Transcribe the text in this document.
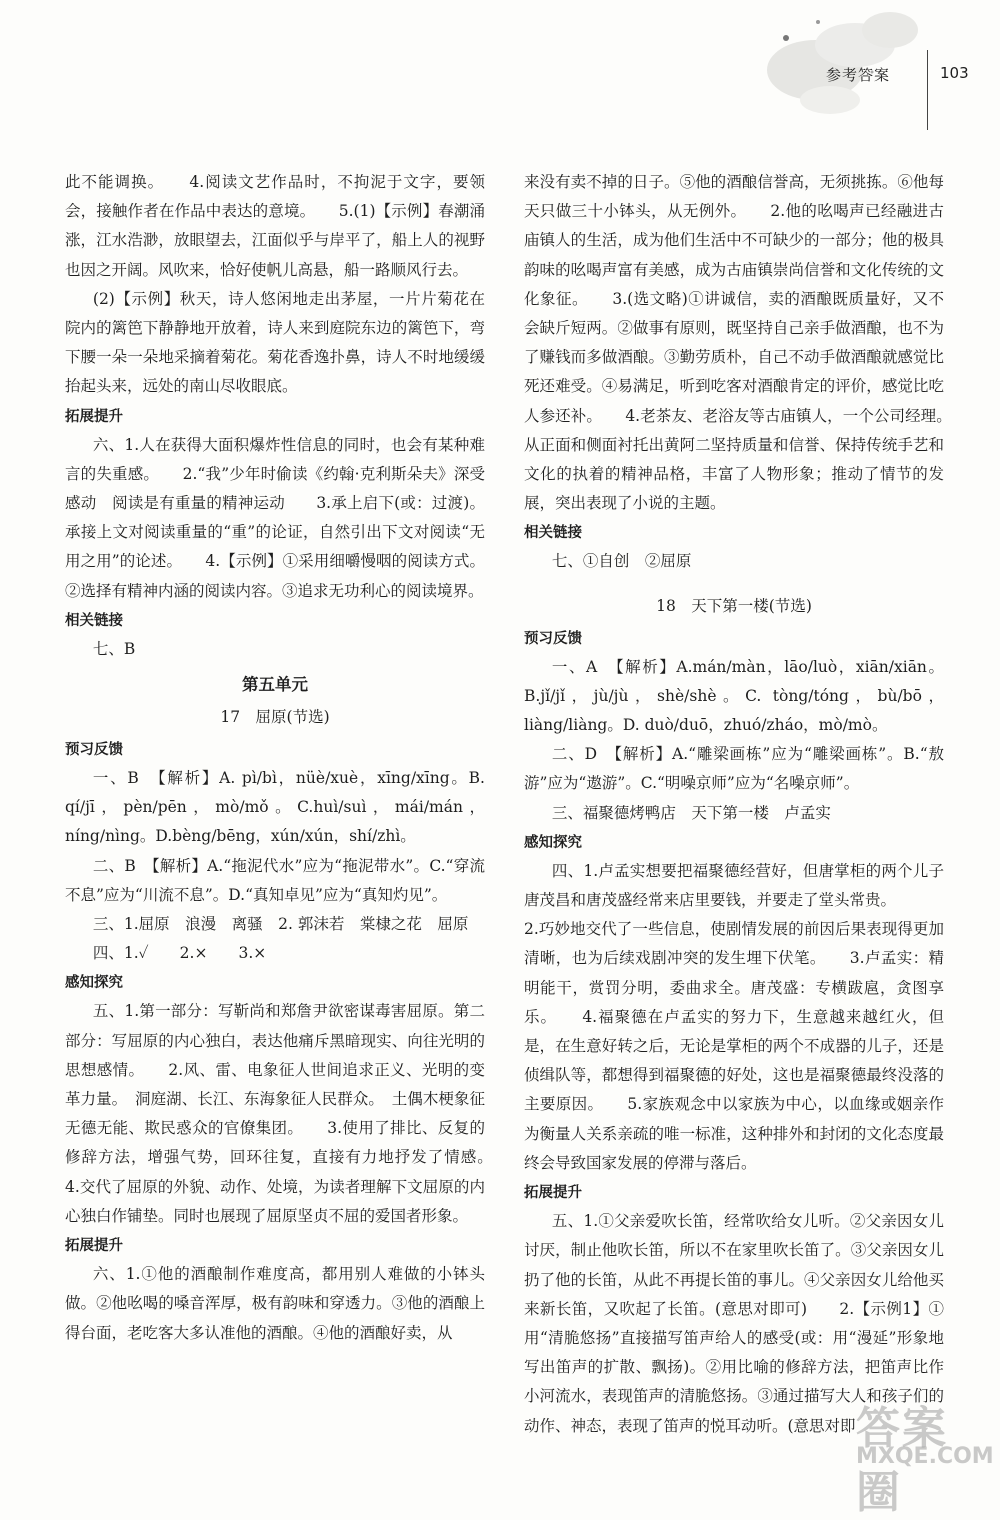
参考答案	103

此不能调换。　　4.阅读文艺作品时，不拘泥于文字，要领会，接触作者在作品中表达的意境。　　5.(1)【示例】春潮涌涨，江水浩渺，放眼望去，江面似乎与岸平了，船上人的视野也因之开阔。风吹来，恰好使帆儿高悬，船一路顺风行去。

(2)【示例】秋天，诗人悠闲地走出茅屋，一片片菊花在院内的篱笆下静静地开放着，诗人来到庭院东边的篱笆下，弯下腰一朵一朵地采摘着菊花。菊花香逸扑鼻，诗人不时地缓缓抬起头来，远处的南山尽收眼底。

拓展提升

六、1.人在获得大面积爆炸性信息的同时，也会有某种难言的失重感。　　2.“我”少年时偷读《约翰·克利斯朵夫》深受感动　阅读是有重量的精神运动　　3.承上启下(或：过渡)。承接上文对阅读重量的“重”的论证，自然引出下文对阅读“无用之用”的论述。　　4.【示例】①采用细嚼慢咽的阅读方式。②选择有精神内涵的阅读内容。③追求无功利心的阅读境界。

相关链接

七、B

第五单元
17　屈原(节选)
预习反馈

一、B　【解析】A. pì/bì，nüè/xuè，xīng/xīng。B. qí/jī，pèn/pēn，mò/mǒ。C.huì/suì，mái/mán，níng/nìng。D.bèng/bēng，xún/xún，shí/zhì。

二、B　【解析】A.“拖泥代水”应为“拖泥带水”。C.“穿流不息”应为“川流不息”。D.“真知卓见”应为“真知灼见”。

三、1.屈原　浪漫　离骚　2. 郭沫若　棠棣之花　屈原

四、1.✓　　2.×　　3.×

感知探究

五、1.第一部分：写靳尚和郑詹尹欲密谋毒害屈原。第二部分：写屈原的内心独白，表达他痛斥黑暗现实、向往光明的思想感情。　　2.风、雷、电象征人世间追求正义、光明的变革力量。　洞庭湖、长江、东海象征人民群众。　土偶木梗象征无德无能、欺民惑众的官僚集团。　　3.使用了排比、反复的修辞方法，增强气势，回环往复，直接有力地抒发了情感。　　4.交代了屈原的外貌、动作、处境，为读者理解下文屈原的内心独白作铺垫。同时也展现了屈原坚贞不屈的爱国者形象。

拓展提升

六、1.①他的酒酿制作难度高，都用别人难做的小钵头做。②他吆喝的嗓音浑厚，极有韵味和穿透力。③他的酒酿上得台面，老吃客大多认准他的酒酿。④他的酒酿好卖，从

来没有卖不掉的日子。⑤他的酒酿信誉高，无须挑拣。⑥他每天只做三十小钵头，从无例外。　　2.他的吆喝声已经融进古庙镇人的生活，成为他们生活中不可缺少的一部分；他的极具韵味的吆喝声富有美感，成为古庙镇崇尚信誉和文化传统的文化象征。　　3.(选文略)①讲诚信，卖的酒酿既质量好，又不会缺斤短两。②做事有原则，既坚持自己亲手做酒酿，也不为了赚钱而多做酒酿。③勤劳质朴，自己不动手做酒酿就感觉比死还难受。④易满足，听到吃客对酒酿肯定的评价，感觉比吃人参还补。　　4.老茶友、老浴友等古庙镇人，一个公司经理。　从正面和侧面衬托出黄阿二坚持质量和信誉、保持传统手艺和文化的执着的精神品格，丰富了人物形象；推动了情节的发展，突出表现了小说的主题。

相关链接

七、①自创　②屈原

18　天下第一楼(节选)
预习反馈

一、A　【解析】A.mán/màn，lāo/luò，xiān/xiān。B.jǐ/jǐ，jù/jù，shè/shè。C. tòng/tóng，bù/bō，liàng/liàng。D. duò/duō，zhuó/zháo，mò/mò。

二、D　【解析】A.“雕梁画栋”应为“雕梁画栋”。B.“敖游”应为“遨游”。C.“明噪京师”应为“名噪京师”。

三、福聚德烤鸭店　天下第一楼　卢孟实

感知探究

四、1.卢孟实想要把福聚德经营好，但唐掌柜的两个儿子唐茂昌和唐茂盛经常来店里要钱，并要走了堂头常贵。

2.巧妙地交代了一些信息，使剧情发展的前因后果表现得更加清晰，也为后续戏剧冲突的发生埋下伏笔。　　3.卢孟实：精明能干，赏罚分明，委曲求全。唐茂盛：专横跋扈，贪图享乐。　　4.福聚德在卢孟实的努力下，生意越来越红火，但是，在生意好转之后，无论是掌柜的两个不成器的儿子，还是侦缉队等，都想得到福聚德的好处，这也是福聚德最终没落的主要原因。　　5.家族观念中以家族为中心，以血缘或姻亲作为衡量人关系亲疏的唯一标准，这种排外和封闭的文化态度最终会导致国家发展的停滞与落后。

拓展提升

五、1.①父亲爱吹长笛，经常吹给女儿听。②父亲因女儿讨厌，制止他吹长笛，所以不在家里吹长笛了。③父亲因女儿扔了他的长笛，从此不再提长笛的事儿。④父亲因女儿给他买来新长笛，又吹起了长笛。(意思对即可)　　2.【示例1】①用“清脆悠扬”直接描写笛声给人的感受(或：用“漫延”形象地写出笛声的扩散、飘扬)。②用比喻的修辞方法，把笛声比作小河流水，表现笛声的清脆悠扬。③通过描写大人和孩子们的动作、神态，表现了笛声的悦耳动听。(意思对即 答案圈
MXQE.COM
